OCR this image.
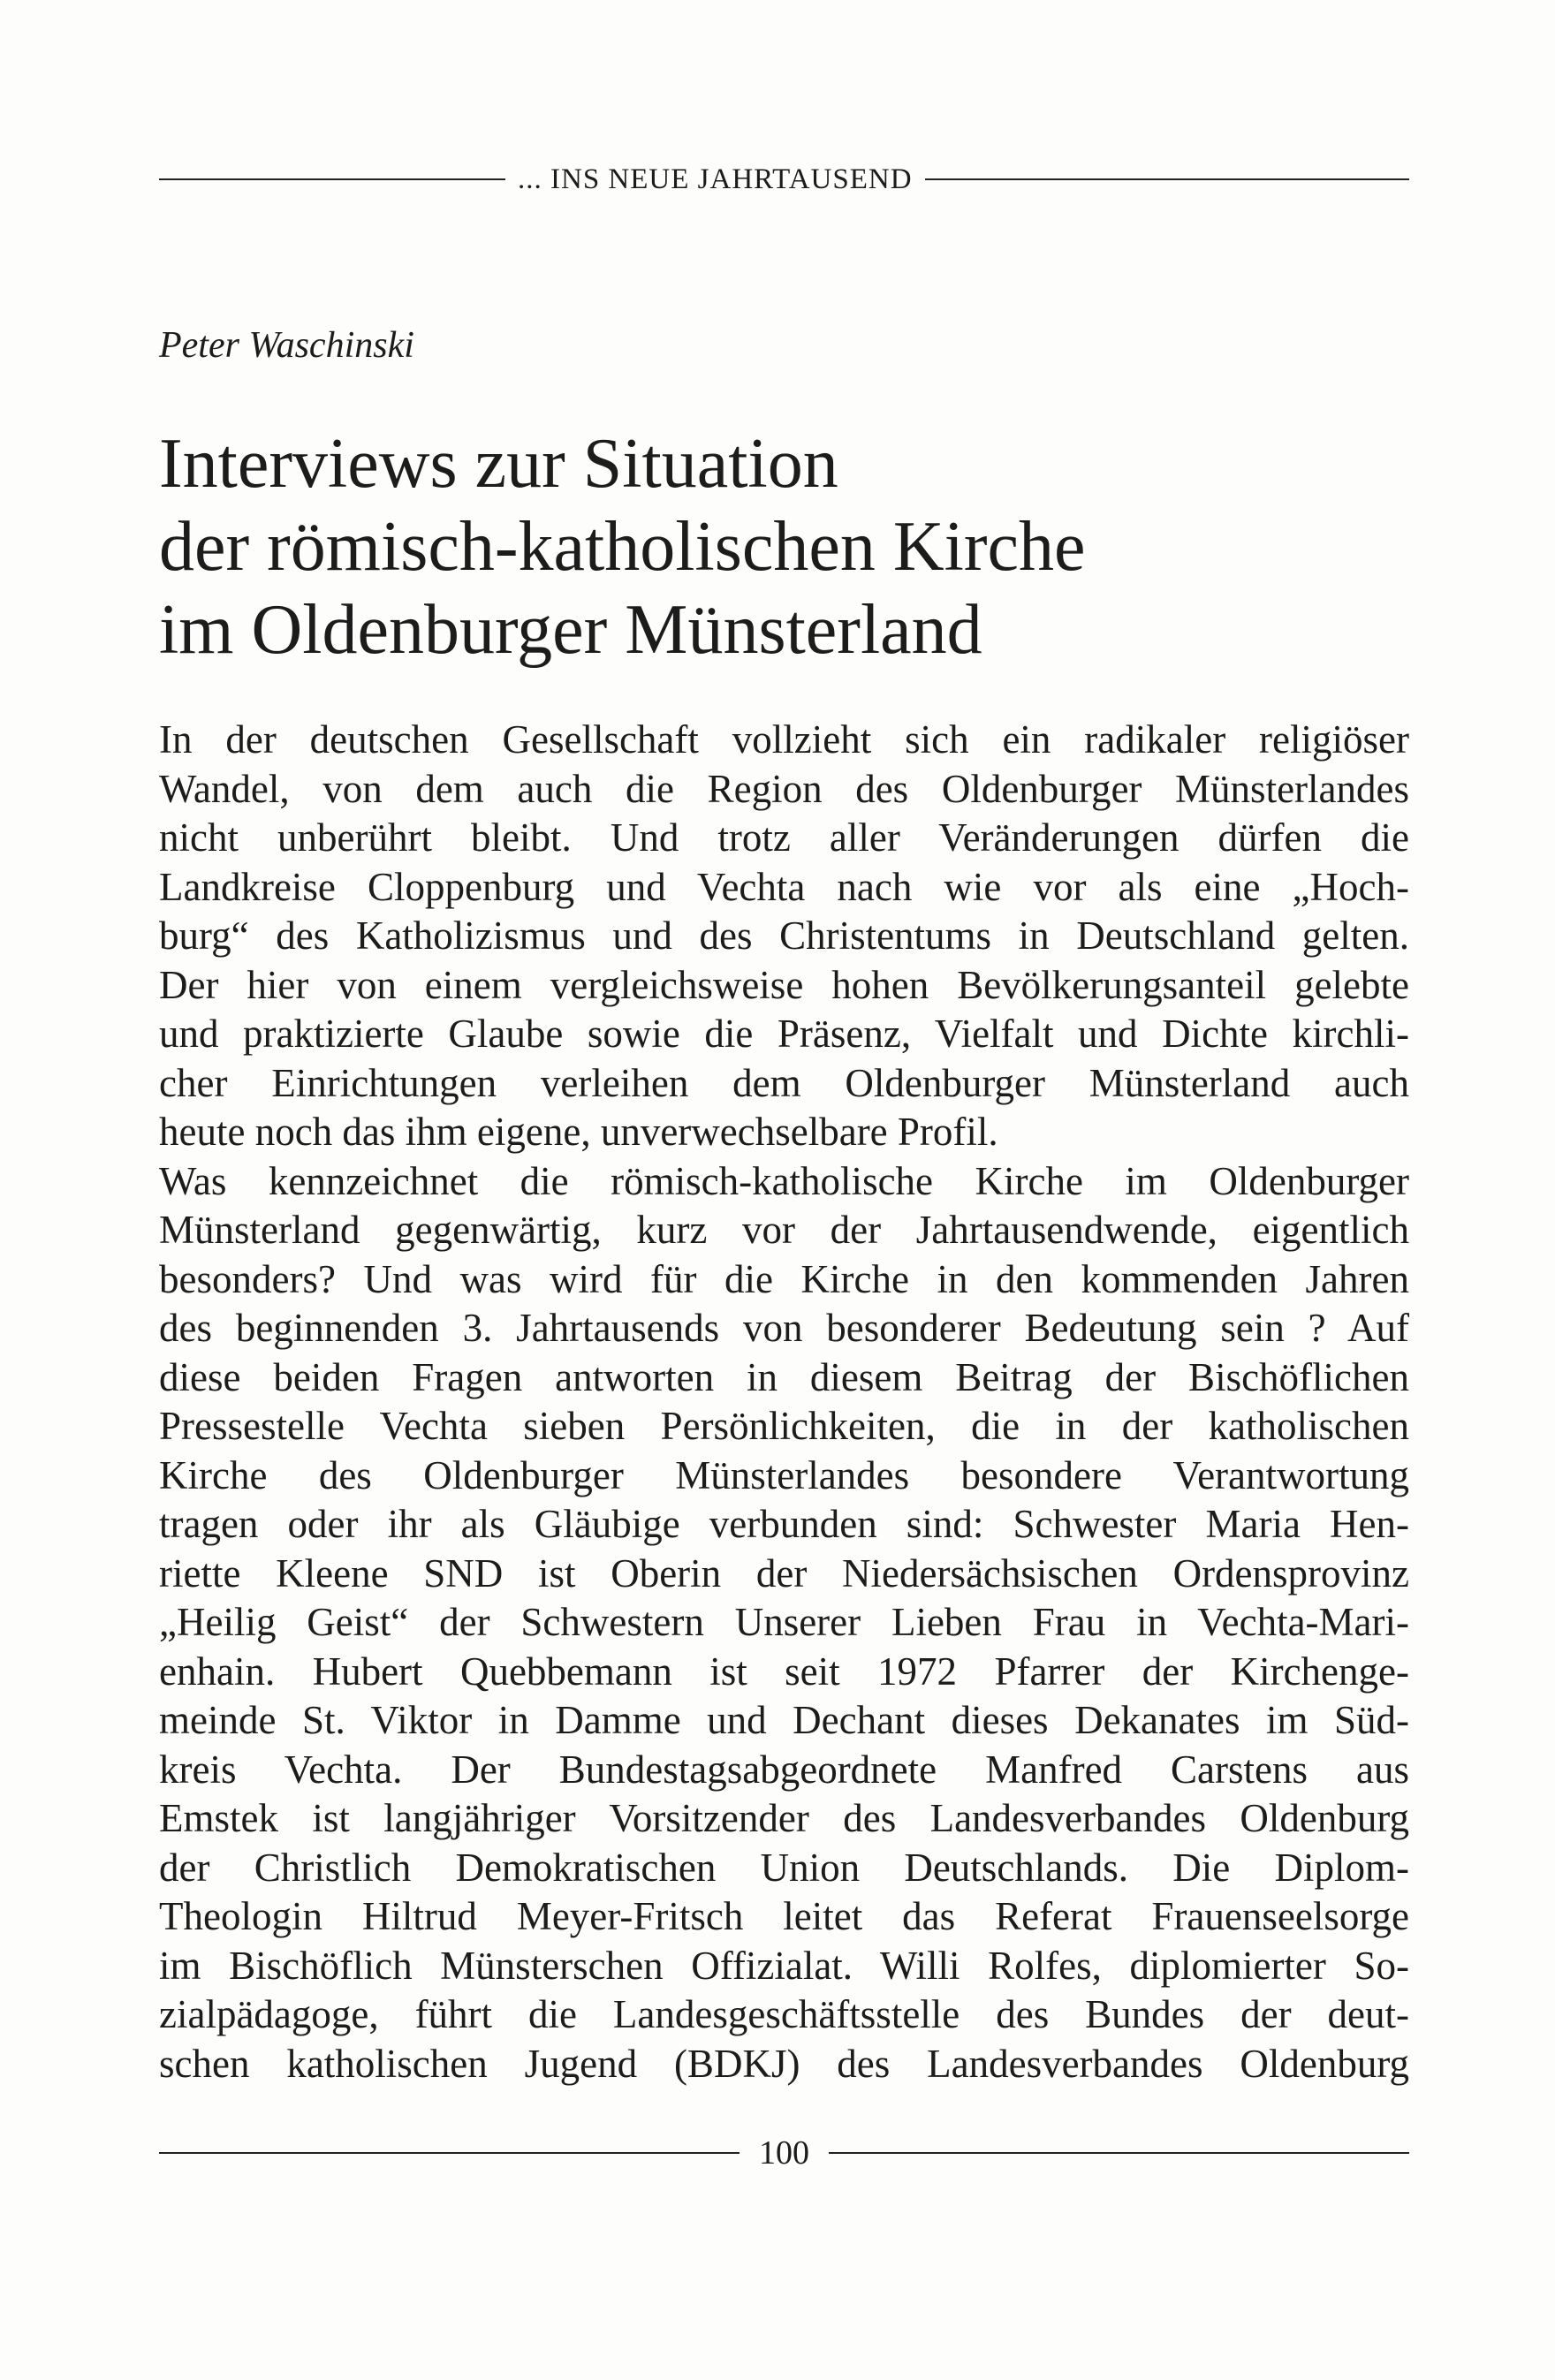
... INS NEUE JAHRTAUSEND
Peter Waschinski
Interviews zur Situation
der römisch-katholischen Kirche
im Oldenburger Münsterland
In der deutschen Gesellschaft vollzieht sich ein radikaler religiöser
Wandel, von dem auch die Region des Oldenburger Münsterlandes
nicht unberührt bleibt. Und trotz aller Veränderungen dürfen die
Landkreise Cloppenburg und Vechta nach wie vor als eine „Hoch-
burg“ des Katholizismus und des Christentums in Deutschland gelten.
Der hier von einem vergleichsweise hohen Bevölkerungsanteil gelebte
und praktizierte Glaube sowie die Präsenz, Vielfalt und Dichte kirchli-
cher Einrichtungen verleihen dem Oldenburger Münsterland auch
heute noch das ihm eigene, unverwechselbare Profil.
Was kennzeichnet die römisch-katholische Kirche im Oldenburger
Münsterland gegenwärtig, kurz vor der Jahrtausendwende, eigentlich
besonders? Und was wird für die Kirche in den kommenden Jahren
des beginnenden 3. Jahrtausends von besonderer Bedeutung sein ? Auf
diese beiden Fragen antworten in diesem Beitrag der Bischöflichen
Pressestelle Vechta sieben Persönlichkeiten, die in der katholischen
Kirche des Oldenburger Münsterlandes besondere Verantwortung
tragen oder ihr als Gläubige verbunden sind: Schwester Maria Hen-
riette Kleene SND ist Oberin der Niedersächsischen Ordensprovinz
„Heilig Geist“ der Schwestern Unserer Lieben Frau in Vechta-Mari-
enhain. Hubert Quebbemann ist seit 1972 Pfarrer der Kirchenge-
meinde St. Viktor in Damme und Dechant dieses Dekanates im Süd-
kreis Vechta. Der Bundestagsabgeordnete Manfred Carstens aus
Emstek ist langjähriger Vorsitzender des Landesverbandes Oldenburg
der Christlich Demokratischen Union Deutschlands. Die Diplom-
Theologin Hiltrud Meyer-Fritsch leitet das Referat Frauenseelsorge
im Bischöflich Münsterschen Offizialat. Willi Rolfes, diplomierter So-
zialpädagoge, führt die Landesgeschäftsstelle des Bundes der deut-
schen katholischen Jugend (BDKJ) des Landesverbandes Oldenburg
100
